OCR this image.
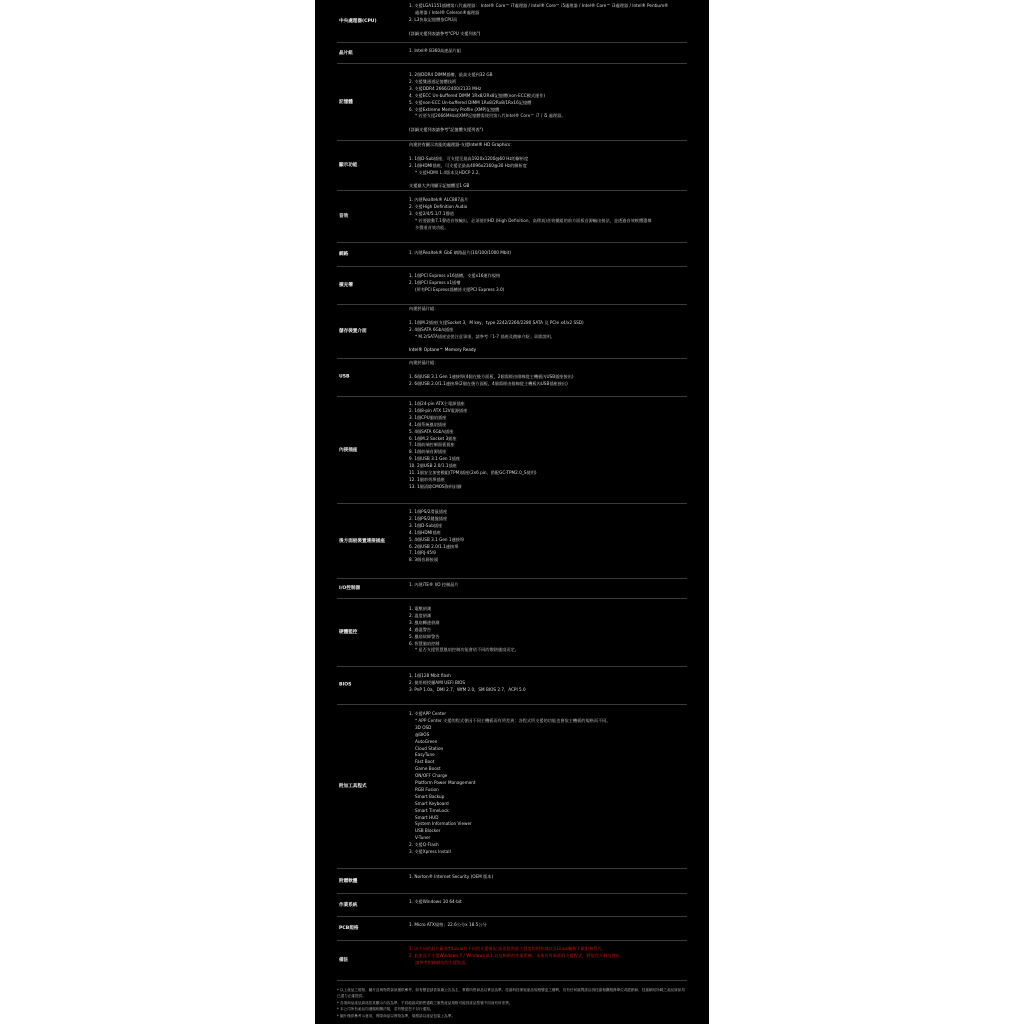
中央處理器(CPU)
1. 支援LGA1151插槽第八代處理器： Intel® Core™ i7處理器 / Intel® Core™ i5處理器 / Intel® Core™ i3處理器 / Intel® Pentium®
處理器 / Intel® Celeron®處理器
2. L3快取記憶體依CPU而
(詳細支援列表請參考"CPU 支援列表")
晶片組	1. Intel® B360高速晶片組
記憶體
1. 2個DDR4 DIMM插槽，最高支援到32 GB
2. 支援雙通道記憶體技術
3. 支援DDR4 2666/2400/2133 MHz
4. 支援ECC Un-buffered DIMM 1Rx8/2Rx8記憶體(non-ECC模式運作)
5. 支援non-ECC Un-buffered DIMM 1Rx8/2Rx8/1Rx16記憶體
6. 支援Extreme Memory Profile (XMP)記憶體
* 若要支援2666MHz或XMP記憶體需使用第八代Intel® Core™ i7 / i5 處理器。
(詳細支援列表請參考"記憶體支援列表")
顯示功能
內建於有顯示功能的處理器-支援Intel® HD Graphics：
1. 1個D-Sub插座，可支援至最高1920x1200@60 Hz的解析度
2. 1個HDMI插座，可支援至最高4096x2160@30 Hz的解析度
* 支援HDMI 1.4版本及HDCP 2.2。
支援最大共用顯示記憶體至1 GB
音效
1. 內建Realtek® ALC887晶片
2. 支援High Definition Audio
3. 支援2/4/5.1/7.1聲道
* 若要啟動7.1聲道音效輸出，必須使用HD (High Definition，高傳真)音效模組的前方面板音源輸出接法，並透過音效軟體選擇
多聲道音效功能。
網路	1. 內建Realtek® GbE 網路晶片(10/100/1000 Mbit)
擴充槽
1. 1個PCI Express x16插槽，支援x16運作規格
2. 1個PCI Express x1插槽
(所有PCI Express插槽皆支援PCI Express 3.0)
儲存裝置介面
內建於晶片組：
1. 1個M.2插座(支援Socket 3，M key，type 2242/2260/2280 SATA 及 PCIe x4/x2 SSD)
2. 4個SATA 6Gb/s插座
* M.2/SATA插座安裝注意事項，請參考「1-7 插座及跳線介紹」章節說明。
Intel® Optane™ Memory Ready
USB
內建於晶片組：
1. 6個USB 3.1 Gen 1連接埠(4個在後方面板，2個需經由排線從主機板內USB插座接出)
2. 6個USB 2.0/1.1連接埠(2個在後方面板，4個需經由排線從主機板內USB插座接出)
內接插座
1. 1個24-pin ATX主電源插座
2. 1個8-pin ATX 12V電源插座
3. 1個CPU風扇插座
4. 1個系統風扇插座
5. 4個SATA 6Gb/s插座
6. 1個M.2 Socket 3插座
7. 1個前端控制面板插座
8. 1個前端音源插座
9. 1個USB 3.1 Gen 1插座
10. 2個USB 2.0/1.1插座
11. 1個安全加密模組(TPM)插座(2x6 pin，搭配GC-TPM2.0_S使用)
12. 1個串列埠插座
13. 1個清除CMOS資料針腳
後方面板裝置連接插座
1. 1個PS/2滑鼠插座
2. 1個PS/2鍵盤插座
3. 1個D-Sub插座
4. 1個HDMI插座
5. 4個USB 3.1 Gen 1連接埠
6. 2個USB 2.0/1.1連接埠
7. 1個RJ-45埠
8. 3個音源接頭
I/O控制器
1. 內建iTE® I/O 控制晶片
硬體監控
1. 電壓偵測
2. 溫度偵測
3. 風扇轉速偵測
4. 過溫警告
5. 風扇故障警告
6. 智慧風扇控制
* 是否支援智慧風扇控制功能會依不同的散熱風扇而定。
BIOS
1. 1個128 Mbit flash
2. 使用經授權AMI UEFI BIOS
3. PnP 1.0a，DMI 2.7，WfM 2.0，SM BIOS 2.7，ACPI 5.0
附加工具程式
1. 支援APP Center
* APP Center 支援的程式會因不同主機板而有所差異；各程式所支援的功能也會依主機板的規格而不同。
3D OSD
@BIOS
AutoGreen
Cloud Station
EasyTune
Fast Boot
Game Boost
ON/OFF Charge
Platform Power Management
RGB Fusion
Smart Backup
Smart Keyboard
Smart TimeLock
Smart HUD
System Information Viewer
USB Blocker
V-Tuner
2. 支援Q-Flash
3. 支援Xpress Install
附贈軟體
1. Norton® Internet Security (OEM 版本)
作業系統
1. 支援Windows 10 64-bit
PCB規格
1. Micro ATX規格；22.6公分x 18.5公分
備註
1. 因不同的晶片廠商對Linux有不同的支援情況,技嘉提供最大程度的相容測試及Linux驅動下載服務程式。
2. 此產品不支援Windows 7 / Windows 8.1 以及較舊的作業系統。未來若有新版的支援程式，將依官方網站發布，
請參考相關網站的支援資訊。
* 以上產品之規格、圖片及與物質資訊僅供參考，如有變更請依原廠公告為主，實際所售商品以實品為準。技嘉科技保留產品規格變更之權利，若有任何疑問請洽詢技嘉相關服務單位或經銷商，技嘉網站所載之產品資訊均已盡力正確提供。
* 各項商品產品資訊依其顯示內容為準，不同地區或銷售通路之販售產品規格可能因產品型號不同而有所差異。
* 本公司所有產品均遵循相關法規，若有變更恕不另行通知。
* 圖片僅供參考示意用，實際商品以實物為準，規格請以產品包裝上為準。
